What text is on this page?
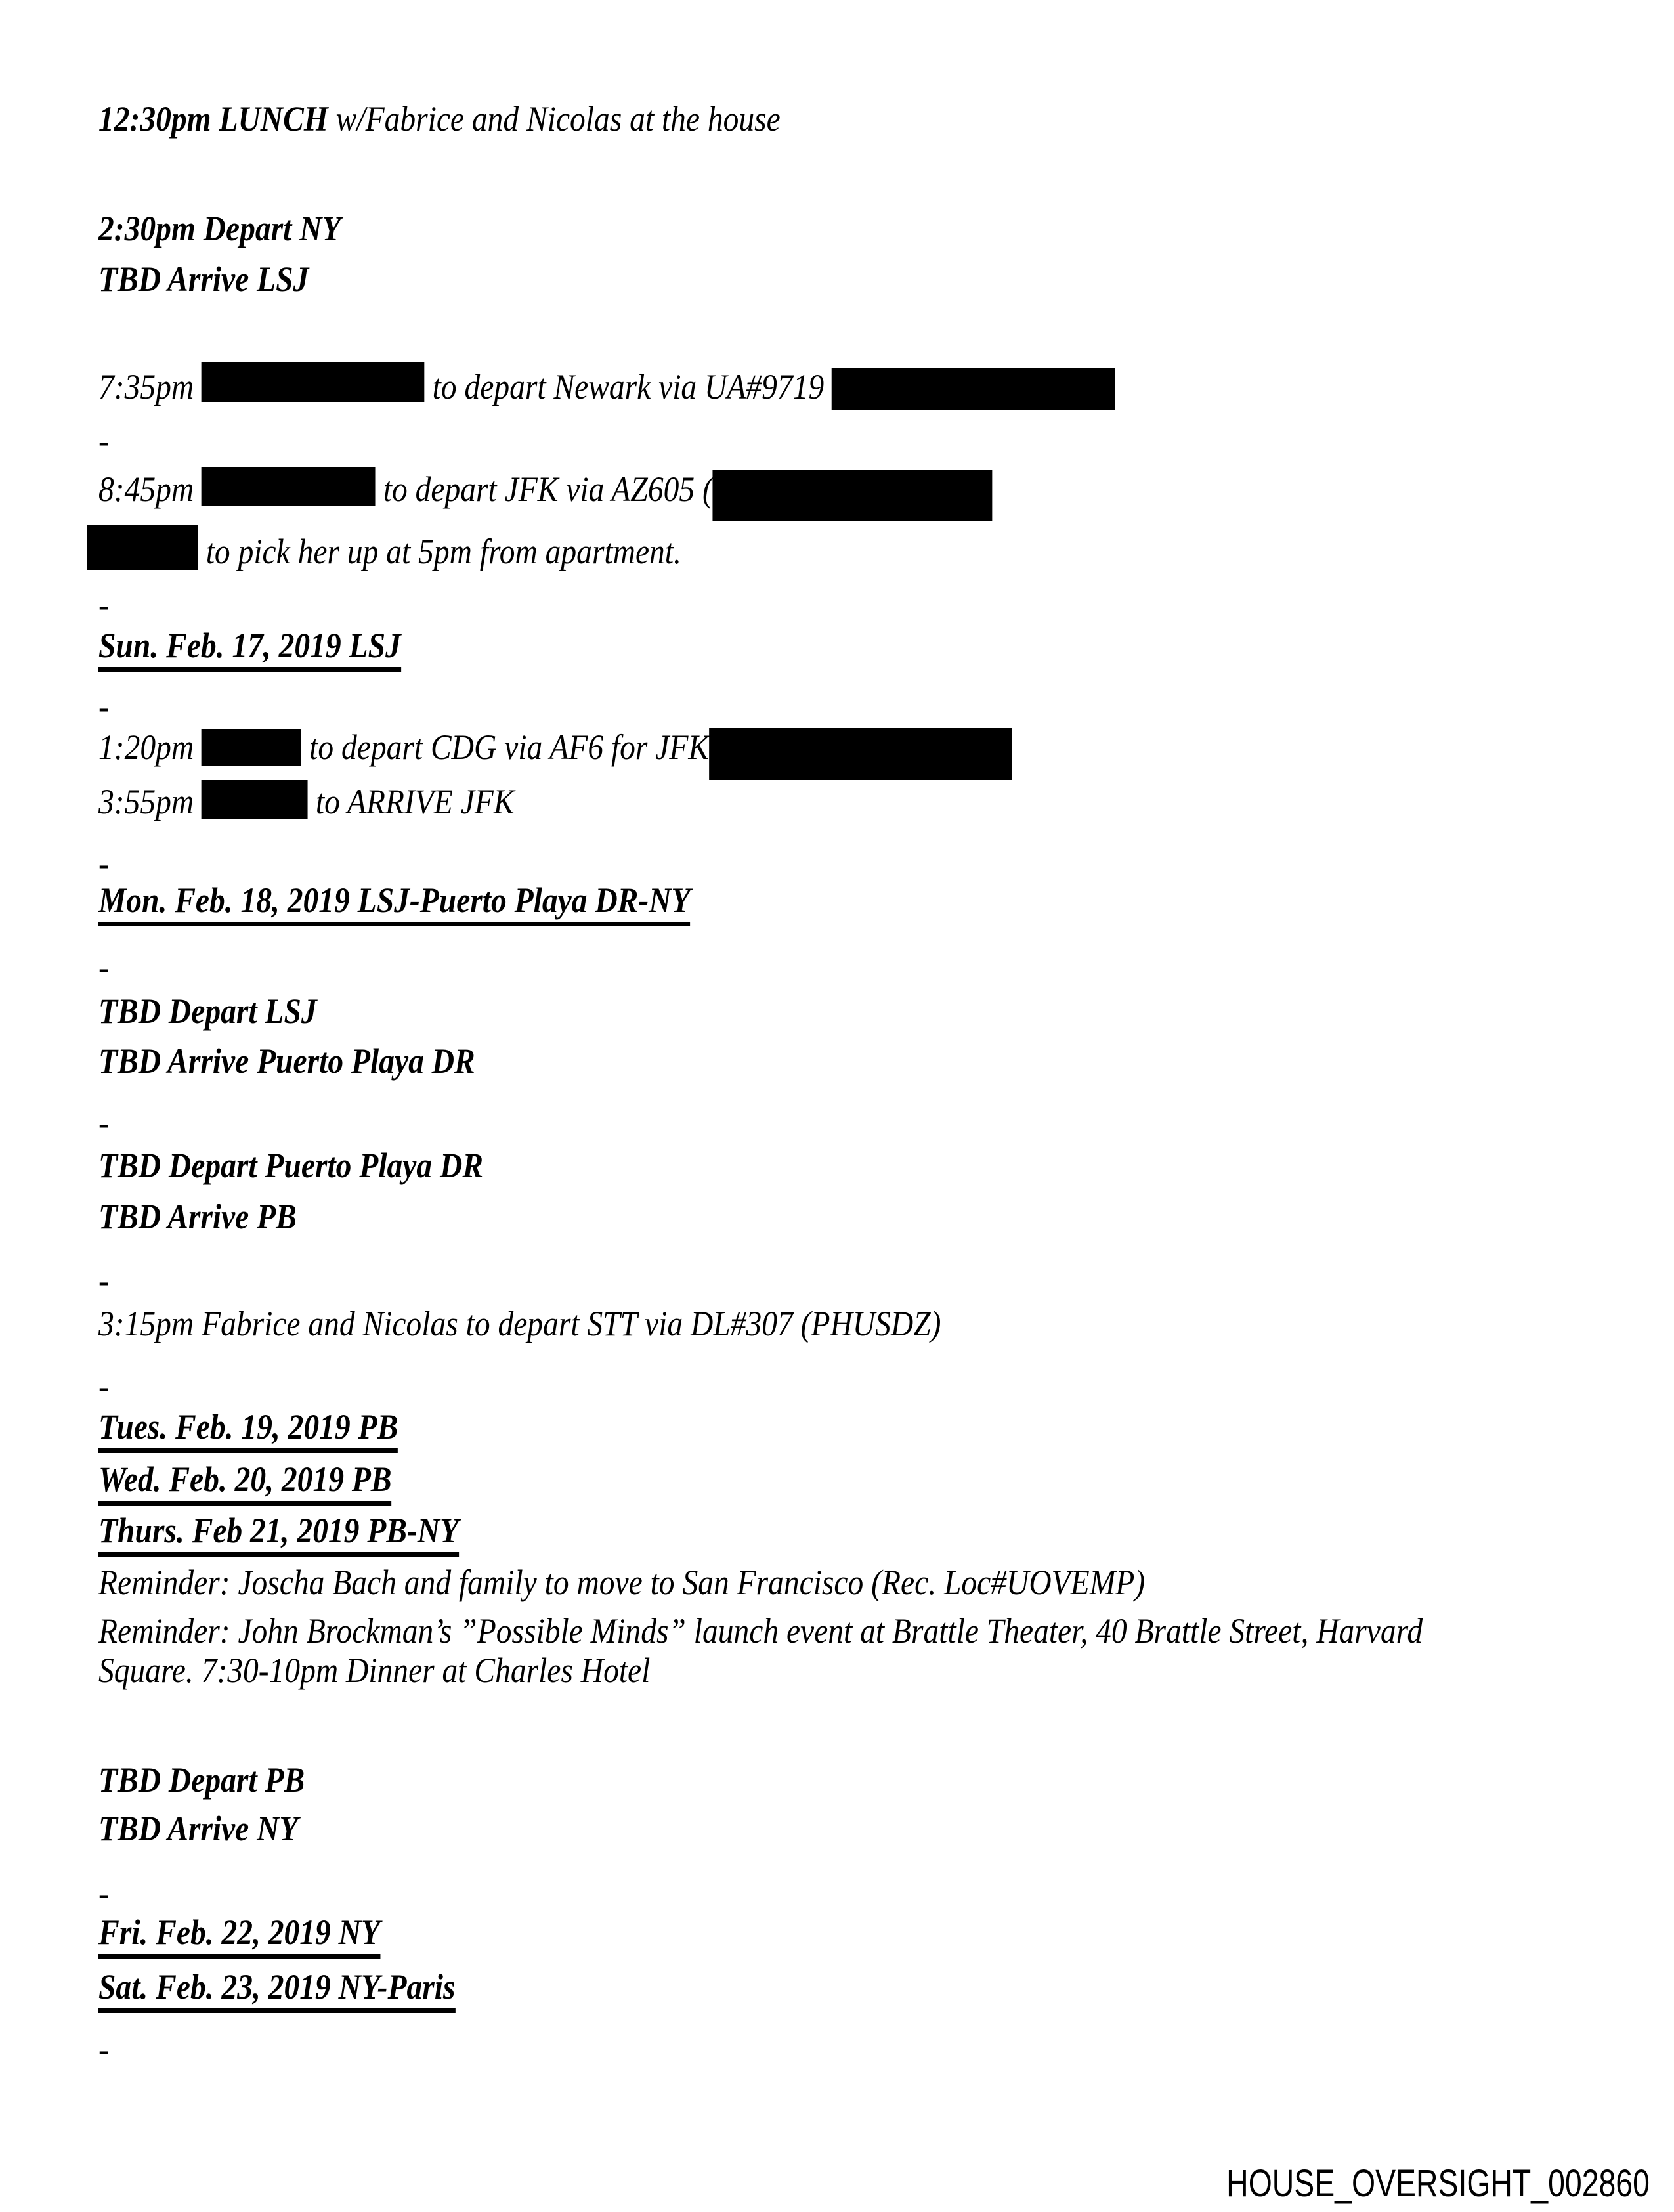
12:30pm LUNCH w/Fabrice and Nicolas at the house
2:30pm Depart NY
TBD Arrive LSJ
7:35pm	to depart Newark via UA#9719
-
8:45pm	to depart JFK via AZ605 (
to pick her up at 5pm from apartment.
-
Sun. Feb. 17, 2019 LSJ
-
1:20pm	to depart CDG via AF6 for JFK
3:55pm	to ARRIVE JFK
-
Mon. Feb. 18, 2019 LSJ-Puerto Playa DR-NY
-
TBD Depart LSJ
TBD Arrive Puerto Playa DR
-
TBD Depart Puerto Playa DR
TBD Arrive PB
-
3:15pm Fabrice and Nicolas to depart STT via DL#307 (PHUSDZ)
-
Tues. Feb. 19, 2019 PB
Wed. Feb. 20, 2019 PB
Thurs. Feb 21, 2019 PB-NY
Reminder: Joscha Bach and family to move to San Francisco (Rec. Loc#UOVEMP)
Reminder: John Brockman’s ”Possible Minds” launch event at Brattle Theater, 40 Brattle Street, Harvard
Square. 7:30-10pm Dinner at Charles Hotel
TBD Depart PB
TBD Arrive NY
-
Fri. Feb. 22, 2019 NY
Sat. Feb. 23, 2019 NY-Paris
-
HOUSE_OVERSIGHT_002860
